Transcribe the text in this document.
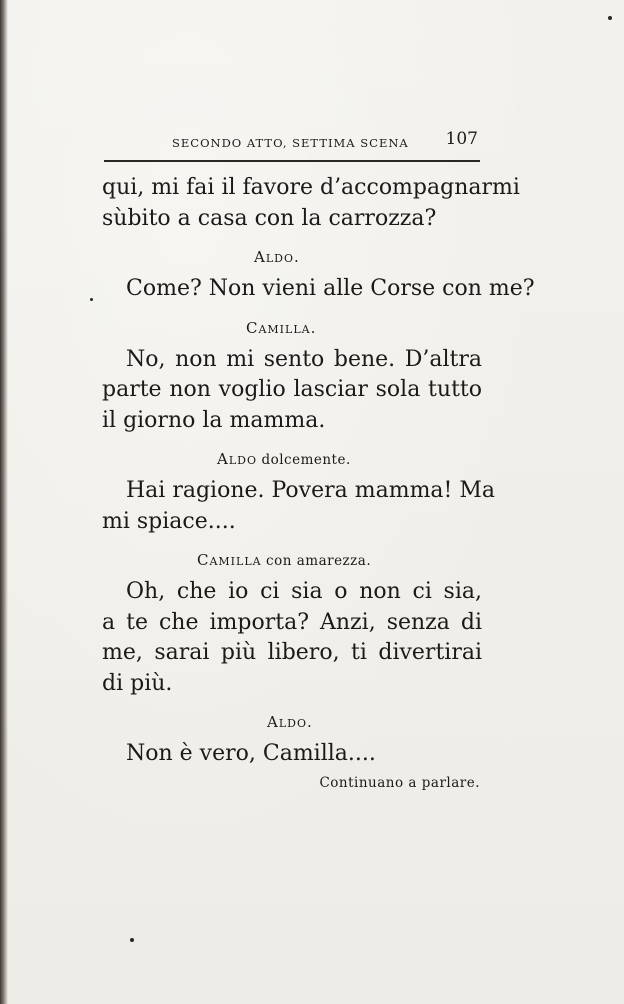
SECONDO ATTO, SETTIMA SCENA 107
qui, mi fai il favore d’accompagnarmi
sùbito a casa con la carrozza?
Aldo.
Come? Non vieni alle Corse con me?
Camilla.
No, non mi sento bene. D’altra
parte non voglio lasciar sola tutto
il giorno la mamma.
Aldo dolcemente.
Hai ragione. Povera mamma! Ma
mi spiace....
Camilla con amarezza.
Oh, che io ci sia o non ci sia,
a te che importa? Anzi, senza di
me, sarai più libero, ti divertirai
di più.
Aldo.
Non è vero, Camilla....
Continuano a parlare.
